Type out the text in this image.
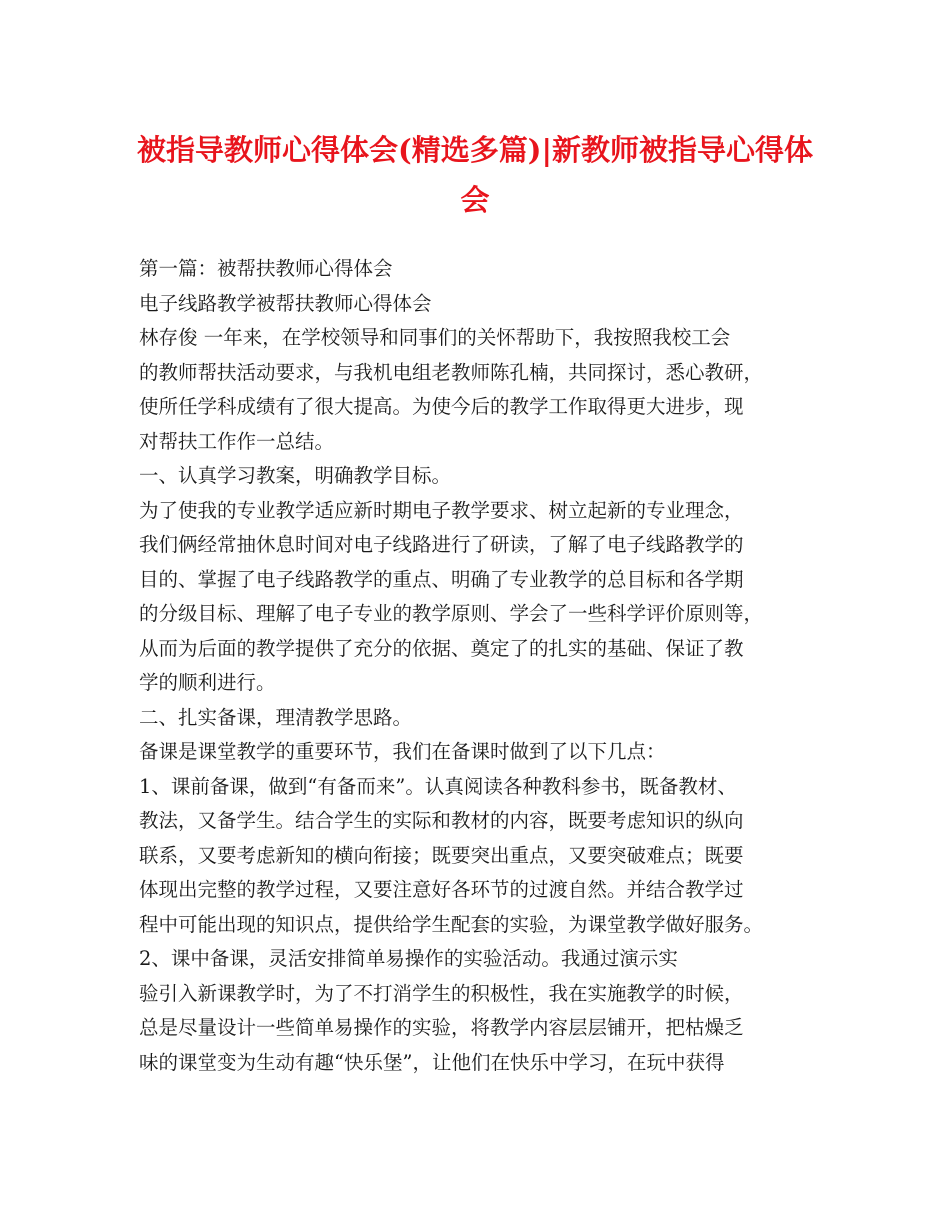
被指导教师心得体会(精选多篇)|新教师被指导心得体
会
第一篇：被帮扶教师心得体会
电子线路教学被帮扶教师心得体会
林存俊 一年来，在学校领导和同事们的关怀帮助下，我按照我校工会
的教师帮扶活动要求，与我机电组老教师陈孔楠，共同探讨，悉心教研，
使所任学科成绩有了很大提高。为使今后的教学工作取得更大进步，现
对帮扶工作作一总结。
一、认真学习教案，明确教学目标。
为了使我的专业教学适应新时期电子教学要求、树立起新的专业理念，
我们俩经常抽休息时间对电子线路进行了研读，了解了电子线路教学的
目的、掌握了电子线路教学的重点、明确了专业教学的总目标和各学期
的分级目标、理解了电子专业的教学原则、学会了一些科学评价原则等，
从而为后面的教学提供了充分的依据、奠定了的扎实的基础、保证了教
学的顺利进行。
二、扎实备课，理清教学思路。
备课是课堂教学的重要环节，我们在备课时做到了以下几点：
1、课前备课，做到“有备而来”。认真阅读各种教科参书，既备教材、
教法，又备学生。结合学生的实际和教材的内容，既要考虑知识的纵向
联系，又要考虑新知的横向衔接；既要突出重点，又要突破难点；既要
体现出完整的教学过程，又要注意好各环节的过渡自然。并结合教学过
程中可能出现的知识点，提供给学生配套的实验，为课堂教学做好服务。
2、课中备课，灵活安排简单易操作的实验活动。我通过演示实
验引入新课教学时，为了不打消学生的积极性，我在实施教学的时候，
总是尽量设计一些简单易操作的实验，将教学内容层层铺开，把枯燥乏
味的课堂变为生动有趣“快乐堡”，让他们在快乐中学习，在玩中获得
